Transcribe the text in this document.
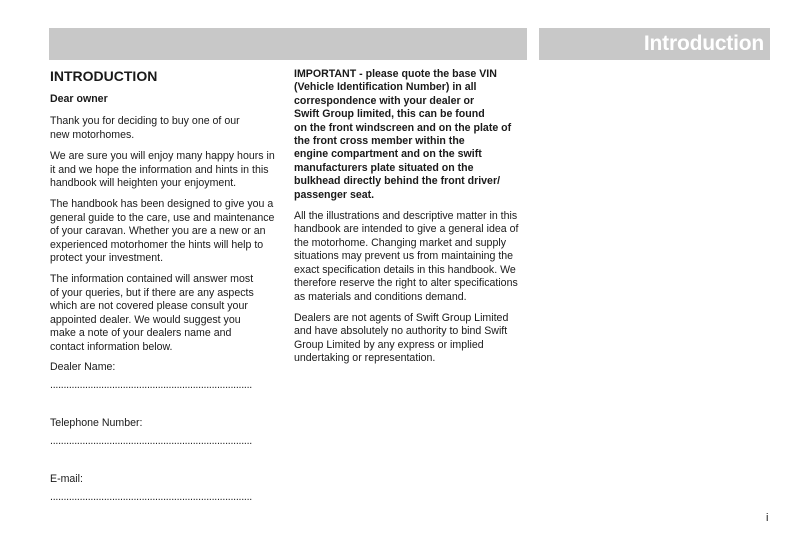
Introduction
INTRODUCTION

Dear owner

Thank you for deciding to buy one of our
new motorhomes.

We are sure you will enjoy many happy hours in
it and we hope the information and hints in this
handbook will heighten your enjoyment.

The handbook has been designed to give you a
general guide to the care, use and maintenance
of your caravan. Whether you are a new or an
experienced motorhomer the hints will help to
protect your investment.

The information contained will answer most
of your queries, but if there are any aspects
which are not covered please consult your
appointed dealer. We would suggest you
make a note of your dealers name and
contact information below.

Dealer Name:
...........................................................................
Telephone Number:
...........................................................................
E-mail:
...........................................................................

IMPORTANT - please quote the base VIN
(Vehicle Identification Number) in all
correspondence with your dealer or
Swift Group limited, this can be found
on the front windscreen and on the plate of
the front cross member within the
engine compartment and on the swift
manufacturers plate situated on the
bulkhead directly behind the front driver/
passenger seat.

All the illustrations and descriptive matter in this
handbook are intended to give a general idea of
the motorhome. Changing market and supply
situations may prevent us from maintaining the
exact specification details in this handbook. We
therefore reserve the right to alter specifications
as materials and conditions demand.

Dealers are not agents of Swift Group Limited
and have absolutely no authority to bind Swift
Group Limited by any express or implied
undertaking or representation.

i
